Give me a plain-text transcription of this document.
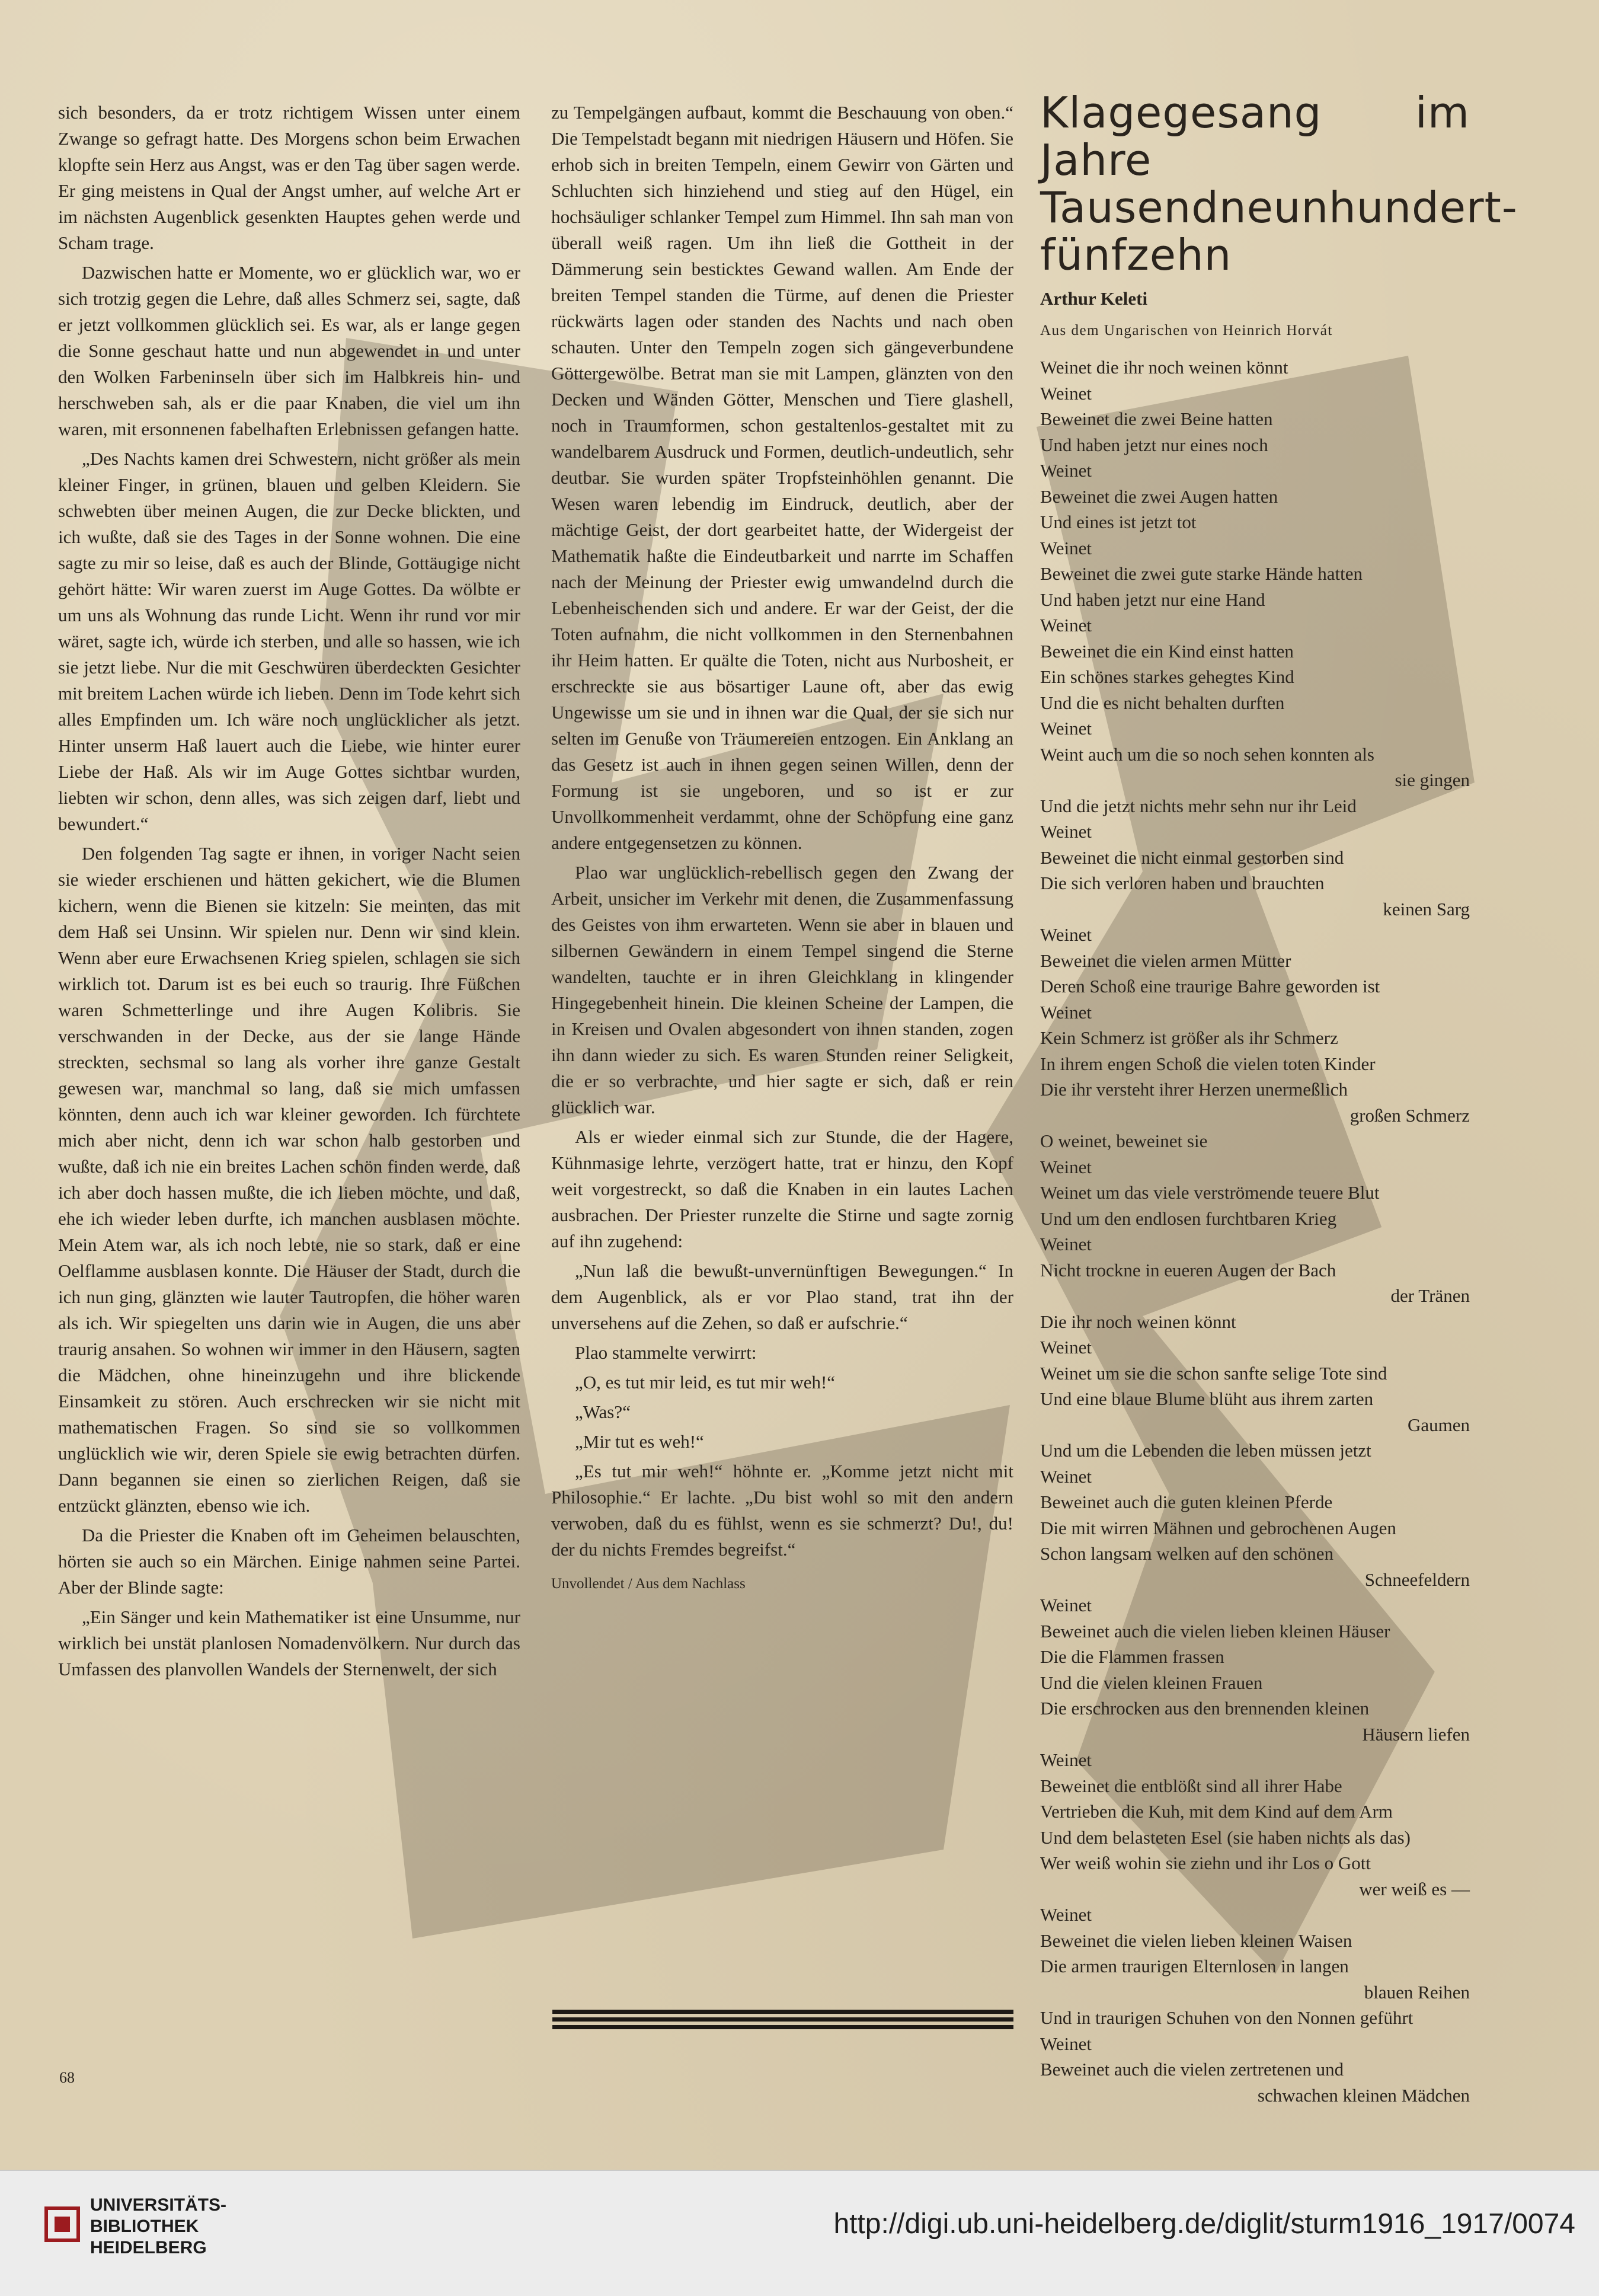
sich besonders, da er trotz richtigem Wissen unter einem Zwange so gefragt hatte. Des Morgens schon beim Erwachen klopfte sein Herz aus Angst, was er den Tag über sagen werde. Er ging meistens in Qual der Angst umher, auf welche Art er im nächsten Augenblick gesenkten Hauptes gehen werde und Scham trage.

Dazwischen hatte er Momente, wo er glücklich war, wo er sich trotzig gegen die Lehre, daß alles Schmerz sei, sagte, daß er jetzt vollkommen glücklich sei. Es war, als er lange gegen die Sonne geschaut hatte und nun abgewendet in und unter den Wolken Farbeninseln über sich im Halbkreis hin- und herschweben sah, als er die paar Knaben, die viel um ihn waren, mit ersonnenen fabelhaften Erlebnissen gefangen hatte.

„Des Nachts kamen drei Schwestern, nicht größer als mein kleiner Finger, in grünen, blauen und gelben Kleidern. Sie schwebten über meinen Augen, die zur Decke blickten, und ich wußte, daß sie des Tages in der Sonne wohnen. Die eine sagte zu mir so leise, daß es auch der Blinde, Gottäugige nicht gehört hätte: Wir waren zuerst im Auge Gottes. Da wölbte er um uns als Wohnung das runde Licht. Wenn ihr rund vor mir wäret, sagte ich, würde ich sterben, und alle so hassen, wie ich sie jetzt liebe. Nur die mit Geschwüren überdeckten Gesichter mit breitem Lachen würde ich lieben. Denn im Tode kehrt sich alles Empfinden um. Ich wäre noch unglücklicher als jetzt. Hinter unserm Haß lauert auch die Liebe, wie hinter eurer Liebe der Haß. Als wir im Auge Gottes sichtbar wurden, liebten wir schon, denn alles, was sich zeigen darf, liebt und bewundert.“

Den folgenden Tag sagte er ihnen, in voriger Nacht seien sie wieder erschienen und hätten gekichert, wie die Blumen kichern, wenn die Bienen sie kitzeln: Sie meinten, das mit dem Haß sei Unsinn. Wir spielen nur. Denn wir sind klein. Wenn aber eure Erwachsenen Krieg spielen, schlagen sie sich wirklich tot. Darum ist es bei euch so traurig. Ihre Füßchen waren Schmetterlinge und ihre Augen Kolibris. Sie verschwanden in der Decke, aus der sie lange Hände streckten, sechsmal so lang als vorher ihre ganze Gestalt gewesen war, manchmal so lang, daß sie mich umfassen könnten, denn auch ich war kleiner geworden. Ich fürchtete mich aber nicht, denn ich war schon halb gestorben und wußte, daß ich nie ein breites Lachen schön finden werde, daß ich aber doch hassen mußte, die ich lieben möchte, und daß, ehe ich wieder leben durfte, ich manchen ausblasen möchte. Mein Atem war, als ich noch lebte, nie so stark, daß er eine Oelflamme ausblasen konnte. Die Häuser der Stadt, durch die ich nun ging, glänzten wie lauter Tautropfen, die höher waren als ich. Wir spiegelten uns darin wie in Augen, die uns aber traurig ansahen. So wohnen wir immer in den Häusern, sagten die Mädchen, ohne hineinzugehn und ihre blickende Einsamkeit zu stören. Auch erschrecken wir sie nicht mit mathematischen Fragen. So sind sie so vollkommen unglücklich wie wir, deren Spiele sie ewig betrachten dürfen. Dann begannen sie einen so zierlichen Reigen, daß sie entzückt glänzten, ebenso wie ich.

Da die Priester die Knaben oft im Geheimen belauschten, hörten sie auch so ein Märchen. Einige nahmen seine Partei. Aber der Blinde sagte:

„Ein Sänger und kein Mathematiker ist eine Unsumme, nur wirklich bei unstät planlosen Nomadenvölkern. Nur durch das Umfassen des planvollen Wandels der Sternenwelt, der sich

zu Tempelgängen aufbaut, kommt die Beschauung von oben.“ Die Tempelstadt begann mit niedrigen Häusern und Höfen. Sie erhob sich in breiten Tempeln, einem Gewirr von Gärten und Schluchten sich hinziehend und stieg auf den Hügel, ein hochsäuliger schlanker Tempel zum Himmel. Ihn sah man von überall weiß ragen. Um ihn ließ die Gottheit in der Dämmerung sein besticktes Gewand wallen. Am Ende der breiten Tempel standen die Türme, auf denen die Priester rückwärts lagen oder standen des Nachts und nach oben schauten. Unter den Tempeln zogen sich gängeverbundene Göttergewölbe. Betrat man sie mit Lampen, glänzten von den Decken und Wänden Götter, Menschen und Tiere glashell, noch in Traumformen, schon gestaltenlos-gestaltet mit zu wandelbarem Ausdruck und Formen, deutlich-undeutlich, sehr deutbar. Sie wurden später Tropfsteinhöhlen genannt. Die Wesen waren lebendig im Eindruck, deutlich, aber der mächtige Geist, der dort gearbeitet hatte, der Widergeist der Mathematik haßte die Eindeutbarkeit und narrte im Schaffen nach der Meinung der Priester ewig umwandelnd durch die Lebenheischenden sich und andere. Er war der Geist, der die Toten aufnahm, die nicht vollkommen in den Sternenbahnen ihr Heim hatten. Er quälte die Toten, nicht aus Nurbosheit, er erschreckte sie aus bösartiger Laune oft, aber das ewig Ungewisse um sie und in ihnen war die Qual, der sie sich nur selten im Genuße von Träumereien entzogen. Ein Anklang an das Gesetz ist auch in ihnen gegen seinen Willen, denn der Formung ist sie ungeboren, und so ist er zur Unvollkommenheit verdammt, ohne der Schöpfung eine ganz andere entgegensetzen zu können.

Plao war unglücklich-rebellisch gegen den Zwang der Arbeit, unsicher im Verkehr mit denen, die Zusammenfassung des Geistes von ihm erwarteten. Wenn sie aber in blauen und silbernen Gewändern in einem Tempel singend die Sterne wandelten, tauchte er in ihren Gleichklang in klingender Hingegebenheit hinein. Die kleinen Scheine der Lampen, die in Kreisen und Ovalen abgesondert von ihnen standen, zogen ihn dann wieder zu sich. Es waren Stunden reiner Seligkeit, die er so verbrachte, und hier sagte er sich, daß er rein glücklich war.

Als er wieder einmal sich zur Stunde, die der Hagere, Kühnmasige lehrte, verzögert hatte, trat er hinzu, den Kopf weit vorgestreckt, so daß die Knaben in ein lautes Lachen ausbrachen. Der Priester runzelte die Stirne und sagte zornig auf ihn zugehend:

„Nun laß die bewußt-unvernünftigen Bewegungen.“ In dem Augenblick, als er vor Plao stand, trat ihn der unversehens auf die Zehen, so daß er aufschrie.“

Plao stammelte verwirrt:

„O, es tut mir leid, es tut mir weh!“

„Was?“

„Mir tut es weh!“

„Es tut mir weh!“ höhnte er. „Komme jetzt nicht mit Philosophie.“ Er lachte. „Du bist wohl so mit den andern verwoben, daß du es fühlst, wenn es sie schmerzt? Du!, du! der du nichts Fremdes begreifst.“

Unvollendet / Aus dem Nachlass
Klagegesang im Jahre Tausendneunhundert-fünfzehn
Arthur Keleti
Aus dem Ungarischen von Heinrich Horvát
Weinet die ihr noch weinen könnt
Weinet
Beweinet die zwei Beine hatten
Und haben jetzt nur eines noch
Weinet
Beweinet die zwei Augen hatten
Und eines ist jetzt tot
Weinet
Beweinet die zwei gute starke Hände hatten
Und haben jetzt nur eine Hand
Weinet
Beweinet die ein Kind einst hatten
Ein schönes starkes gehegtes Kind
Und die es nicht behalten durften
Weinet
Weint auch um die so noch sehen konnten als
sie gingen
Und die jetzt nichts mehr sehn nur ihr Leid
Weinet
Beweinet die nicht einmal gestorben sind
Die sich verloren haben und brauchten
keinen Sarg
Weinet
Beweinet die vielen armen Mütter
Deren Schoß eine traurige Bahre geworden ist
Weinet
Kein Schmerz ist größer als ihr Schmerz
In ihrem engen Schoß die vielen toten Kinder
Die ihr versteht ihrer Herzen unermeßlich
großen Schmerz
O weinet, beweinet sie
Weinet
Weinet um das viele verströmende teuere Blut
Und um den endlosen furchtbaren Krieg
Weinet
Nicht trockne in eueren Augen der Bach
der Tränen
Die ihr noch weinen könnt
Weinet
Weinet um sie die schon sanfte selige Tote sind
Und eine blaue Blume blüht aus ihrem zarten
Gaumen
Und um die Lebenden die leben müssen jetzt
Weinet
Beweinet auch die guten kleinen Pferde
Die mit wirren Mähnen und gebrochenen Augen
Schon langsam welken auf den schönen
Schneefeldern
Weinet
Beweinet auch die vielen lieben kleinen Häuser
Die die Flammen frassen
Und die vielen kleinen Frauen
Die erschrocken aus den brennenden kleinen
Häusern liefen
Weinet
Beweinet die entblößt sind all ihrer Habe
Vertrieben die Kuh, mit dem Kind auf dem Arm
Und dem belasteten Esel (sie haben nichts als das)
Wer weiß wohin sie ziehn und ihr Los o Gott
wer weiß es —
Weinet
Beweinet die vielen lieben kleinen Waisen
Die armen traurigen Elternlosen in langen
blauen Reihen
Und in traurigen Schuhen von den Nonnen geführt
Weinet
Beweinet auch die vielen zertretenen und
schwachen kleinen Mädchen
68
UNIVERSITÄTS-
BIBLIOTHEK
HEIDELBERG
http://digi.ub.uni-heidelberg.de/diglit/sturm1916_1917/0074
